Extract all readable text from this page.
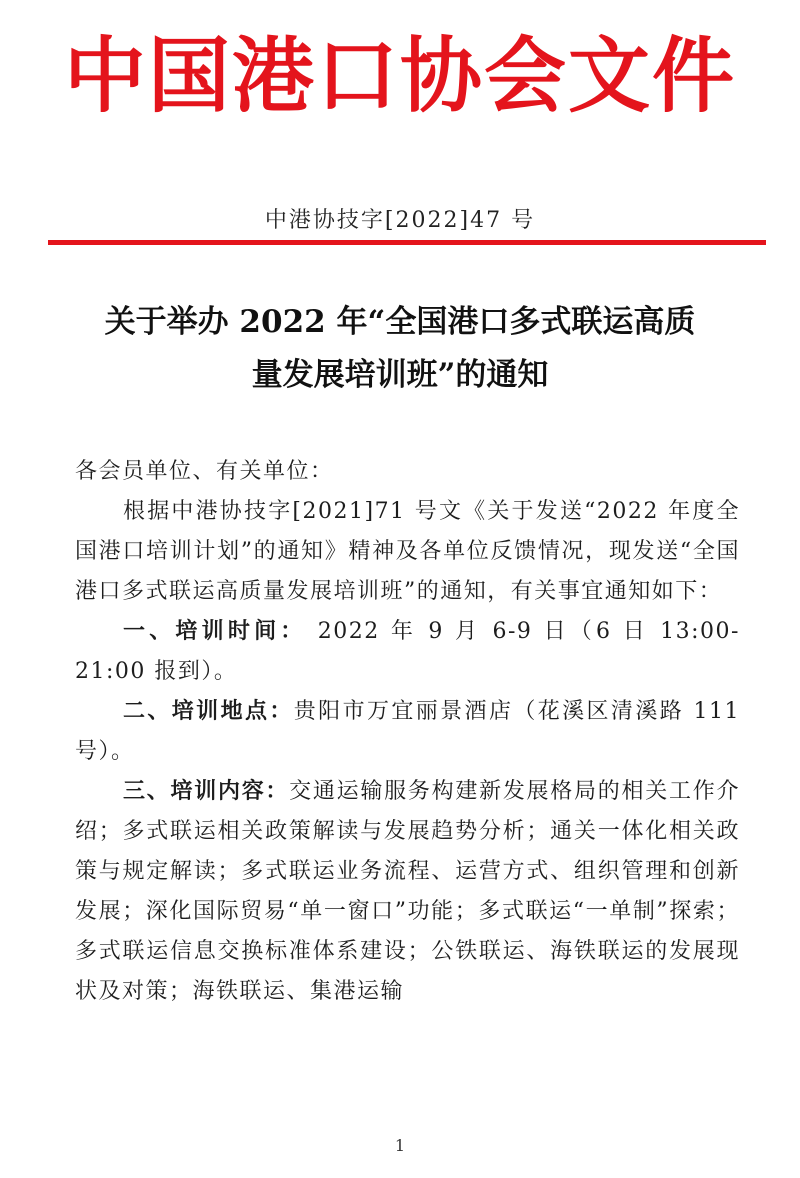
中国港口协会文件
中港协技字[2022]47 号
关于举办 2022 年“全国港口多式联运高质
量发展培训班”的通知

各会员单位、有关单位：

根据中港协技字[2021]71 号文《关于发送“2022 年度全国港口培训计划”的通知》精神及各单位反馈情况，现发送“全国港口多式联运高质量发展培训班”的通知，有关事宜通知如下：

一、培训时间： 2022 年 9 月 6-9 日（6 日 13:00-21:00 报到）。

二、培训地点：贵阳市万宜丽景酒店（花溪区清溪路 111 号）。

三、培训内容：交通运输服务构建新发展格局的相关工作介绍；多式联运相关政策解读与发展趋势分析；通关一体化相关政策与规定解读；多式联运业务流程、运营方式、组织管理和创新发展；深化国际贸易“单一窗口”功能；多式联运“一单制”探索；多式联运信息交换标准体系建设；公铁联运、海铁联运的发展现状及对策；海铁联运、集港运输

1
